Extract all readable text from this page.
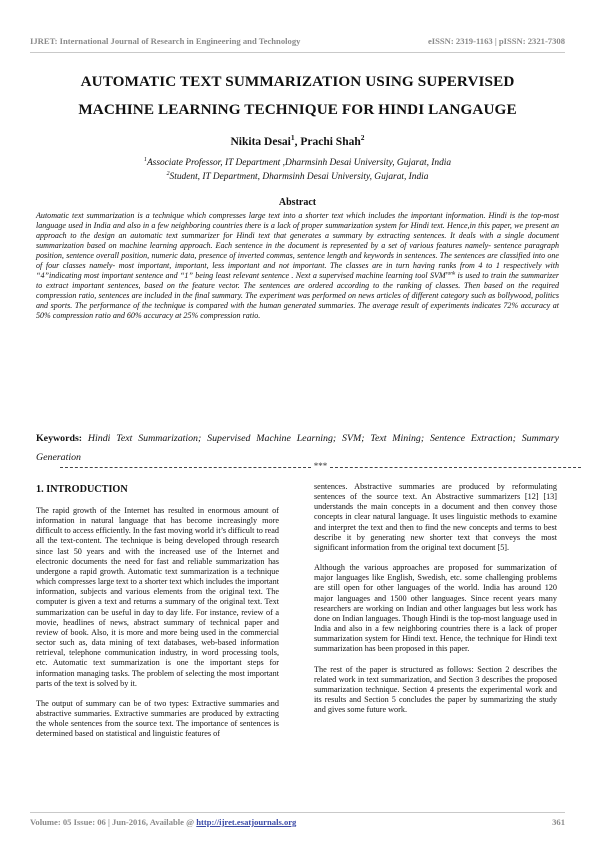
IJRET: International Journal of Research in Engineering and Technology	eISSN: 2319-1163 | pISSN: 2321-7308
AUTOMATIC TEXT SUMMARIZATION USING SUPERVISED MACHINE LEARNING TECHNIQUE FOR HINDI LANGAUGE
Nikita Desai$^1$, Prachi Shah$^2$
$^1$Associate Professor, IT Department ,Dharmsinh Desai University, Gujarat, India
$^2$Student, IT Department, Dharmsinh Desai University, Gujarat, India
Abstract

Automatic text summarization is a technique which compresses large text into a shorter text which includes the important information. Hindi is the top-most language used in India and also in a few neighboring countries there is a lack of proper summarization system for Hindi text. Hence,in this paper, we present an approach to the design an automatic text summarizer for Hindi text that generates a summary by extracting sentences. It deals with a single document summarization based on machine learning approach. Each sentence in the document is represented by a set of various features namely- sentence paragraph position, sentence overall position, numeric data, presence of inverted commas, sentence length and keywords in sentences. The sentences are classified into one of four classes namely- most important, important, less important and not important. The classes are in turn having ranks from 4 to 1 respectively with “4”indicating most important sentence and “1” being least relevant sentence . Next a supervised machine learning tool $SVM^{rank}$ is used to train the summarizer to extract important sentences, based on the feature vector. The sentences are ordered according to the ranking of classes. Then based on the required compression ratio, sentences are included in the final summary. The experiment was performed on news articles of different category such as bollywood, politics and sports. The performance of the technique is compared with the human generated summaries. The average result of experiments indicates 72% accuracy at 50% compression ratio and 60% accuracy at 25% compression ratio.

Keywords: Hindi Text Summarization; Supervised Machine Learning; SVM; Text Mining; Sentence Extraction; Summary Generation
***
1. INTRODUCTION

The rapid growth of the Internet has resulted in enormous amount of information in natural language that has become increasingly more difficult to access efficiently. In the fast moving world it’s difficult to read all the text-content. The technique is being developed through research since last 50 years and with the increased use of the Internet and electronic documents the need for fast and reliable summarization has undergone a rapid growth. Automatic text summarization is a technique which compresses large text to a shorter text which includes the important information, subjects and various elements from the original text. The computer is given a text and returns a summary of the original text. Text summarization can be useful in day to day life. For instance, review of a movie, headlines of news, abstract summary of technical paper and review of book. Also, it is more and more being used in the commercial sector such as, data mining of text databases, web-based information retrieval, telephone communication industry, in word processing tools, etc. Automatic text summarization is one the important steps for information managing tasks. The problem of selecting the most important parts of the text is solved by it.

The output of summary can be of two types: Extractive summaries and abstractive summaries. Extractive summaries are produced by extracting the whole sentences from the source text. The importance of sentences is determined based on statistical and linguistic features of

sentences. Abstractive summaries are produced by reformulating sentences of the source text. An Abstractive summarizers [12] [13] understands the main concepts in a document and then convey those concepts in clear natural language. It uses linguistic methods to examine and interpret the text and then to find the new concepts and terms to best describe it by generating new shorter text that conveys the most significant information from the original text document [5].

Although the various approaches are proposed for summarization of major languages like English, Swedish, etc. some challenging problems are still open for other languages of the world. India has around 120 major languages and 1500 other languages. Since recent years many researchers are working on Indian and other languages but less work has done on Indian languages. Though Hindi is the top-most language used in India and also in a few neighboring countries there is a lack of proper summarization system for Hindi text. Hence, the technique for Hindi text summarization has been proposed in this paper.

The rest of the paper is structured as follows: Section 2 describes the related work in text summarization, and Section 3 describes the proposed summarization technique. Section 4 presents the experimental work and its results and Section 5 concludes the paper by summarizing the study and gives some future work.

Volume: 05 Issue: 06 | Jun-2016, Available @ http://ijret.esatjournals.org	361
